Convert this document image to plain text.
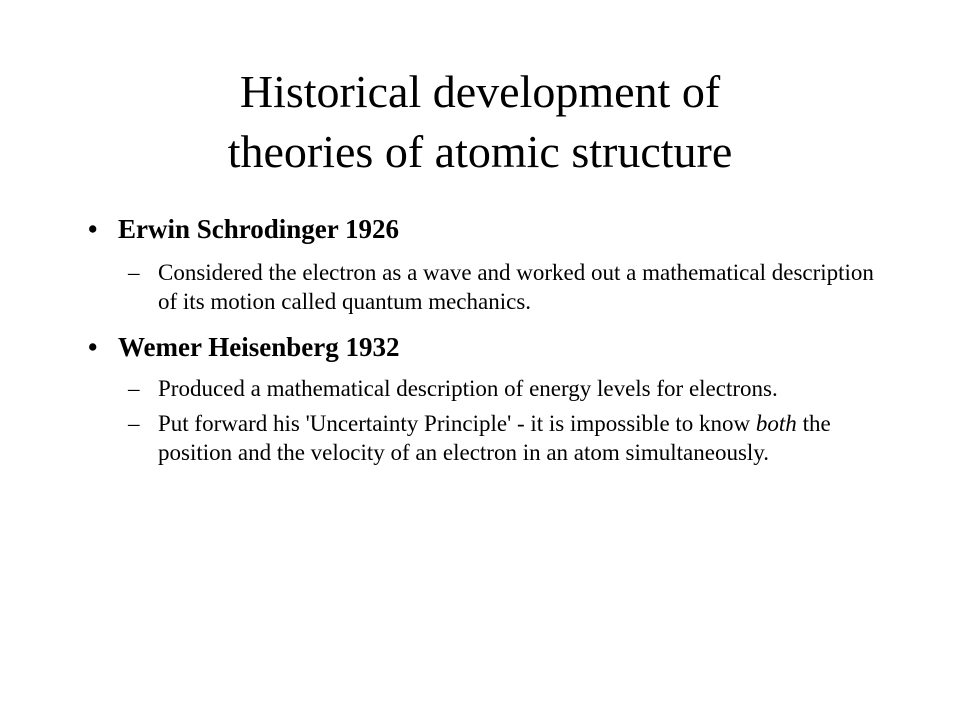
Historical development of
theories of atomic structure
• Erwin Schrodinger 1926
– Considered the electron as a wave and worked out a mathematical description of its motion called quantum mechanics.
• Wemer Heisenberg 1932
– Produced a mathematical description of energy levels for electrons.
– Put forward his 'Uncertainty Principle' - it is impossible to know both the position and the velocity of an electron in an atom simultaneously.
